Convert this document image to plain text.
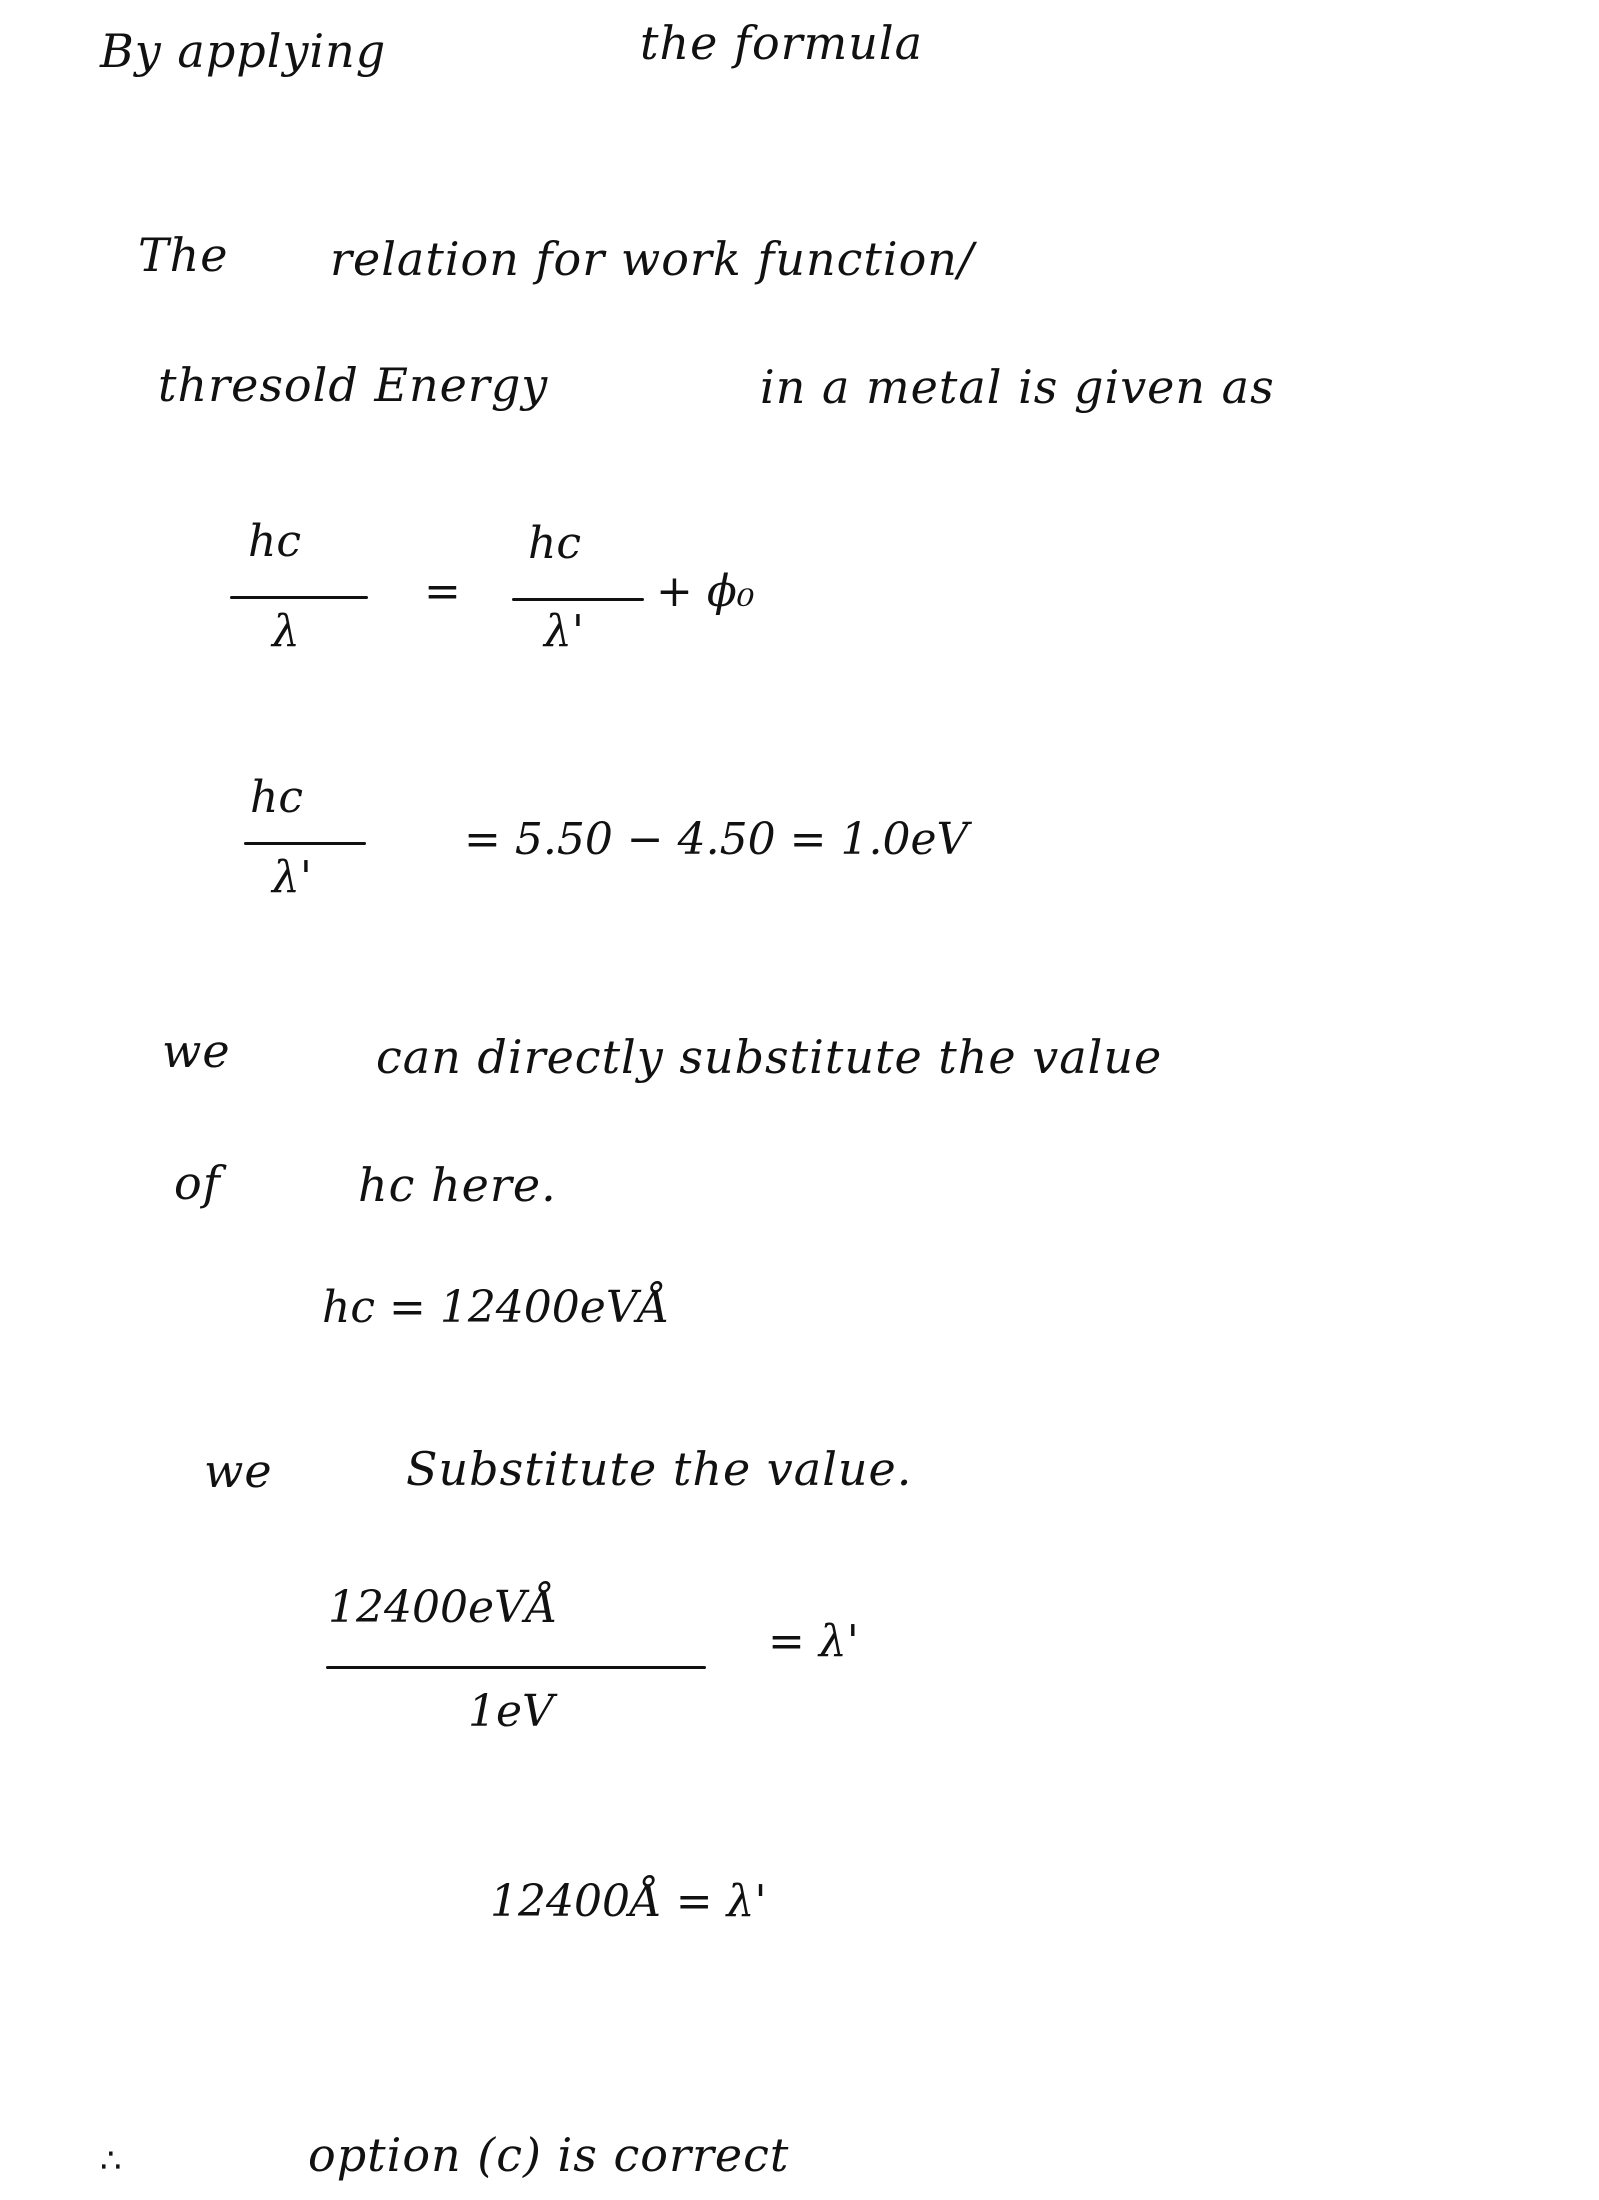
By applying	the formula
The relation for work function/
thresold Energy	in a metal is given as
hc
λ
=
hc
λ'
+ ϕ₀
hc
λ'
= 5.50 − 4.50 = 1.0eV
we	can directly substitute the value
of	hc here.
hc = 12400eVÅ
we	Substitute the value.
12400eVÅ
1eV
= λ'
12400Å = λ'
∴	option (c) is correct
